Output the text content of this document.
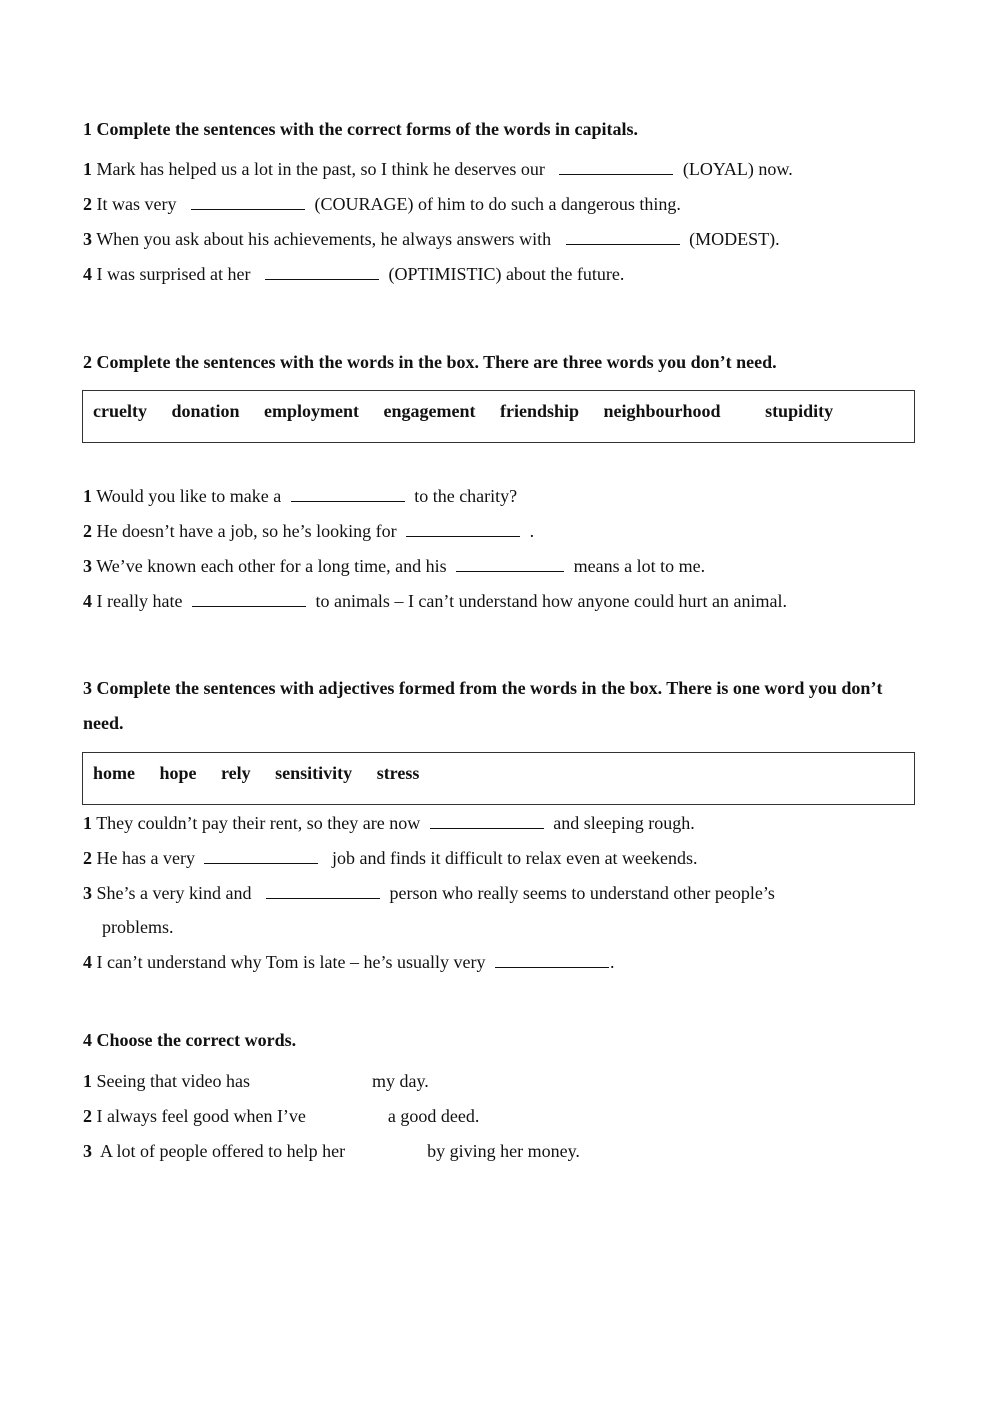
1 Complete the sentences with the correct forms of the words in capitals.
1 Mark has helped us a lot in the past, so I think he deserves our	(LOYAL) now.
2 It was very	(COURAGE) of him to do such a dangerous thing.
3 When you ask about his achievements, he always answers with	(MODEST).
4 I was surprised at her	(OPTIMISTIC) about the future.
2 Complete the sentences with the words in the box. There are three words you don’t need.
cruelty donation employment engagement friendship neighbourhood stupidity
1 Would you like to make a	to the charity?
2 He doesn’t have a job, so he’s looking for	.
3 We’ve known each other for a long time, and his	means a lot to me.
4 I really hate	to animals – I can’t understand how anyone could hurt an animal.
3 Complete the sentences with adjectives formed from the words in the box. There is one word you don’t need.
home hope rely sensitivity stress
1 They couldn’t pay their rent, so they are now	and sleeping rough.
2 He has a very	job and finds it difficult to relax even at weekends.
3 She’s a very kind and	person who really seems to understand other people’s
problems.
4 I can’t understand why Tom is late – he’s usually very	.
4 Choose the correct words.
1 Seeing that video has	my day.
2 I always feel good when I’ve	a good deed.
3  A lot of people offered to help her	by giving her money.
